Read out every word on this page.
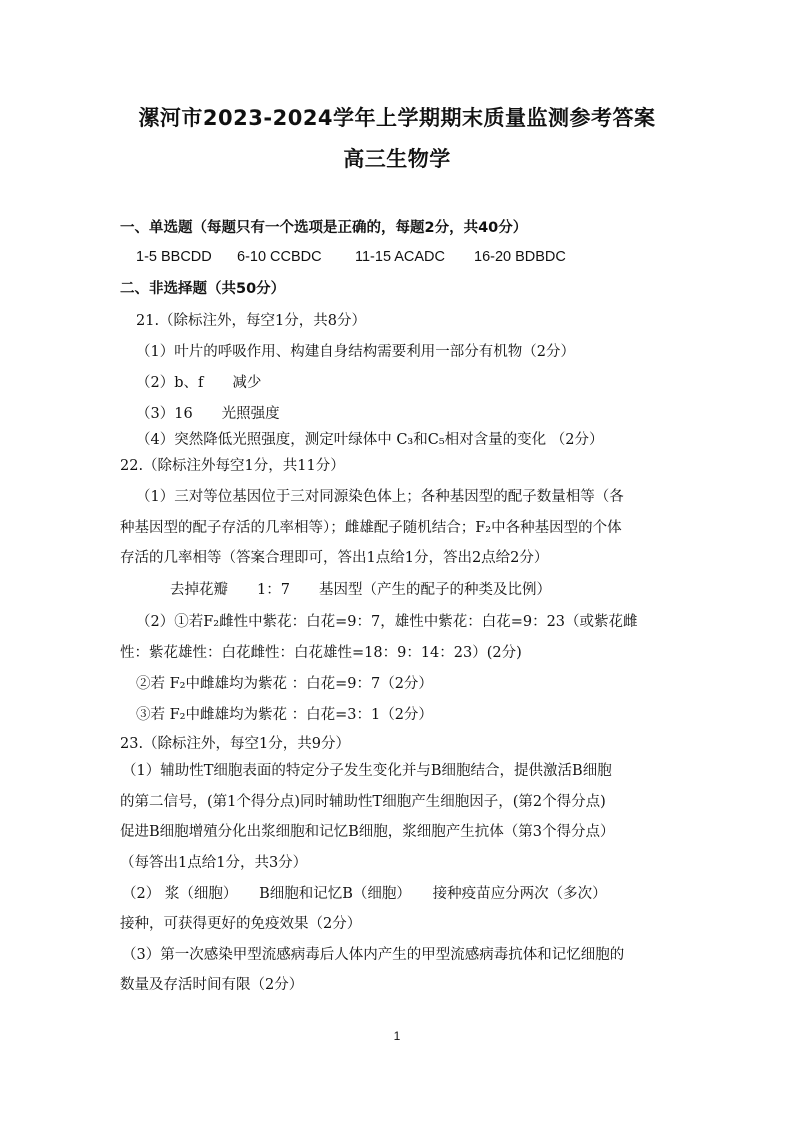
漯河市2023-2024学年上学期期末质量监测参考答案
高三生物学
一、单选题（每题只有一个选项是正确的，每题2分，共40分）
1-5 BBCDD 6-10 CCBDC 11-15 ACADC 16-20 BDBDC
二、非选择题（共50分）
21.（除标注外，每空1分，共8分）
（1）叶片的呼吸作用、构建自身结构需要利用一部分有机物（2分）
（2）b、f　　减少
（3）16　　光照强度
（4）突然降低光照强度，测定叶绿体中 C₃和C₅相对含量的变化 （2分）
22.（除标注外每空1分，共11分）
（1）三对等位基因位于三对同源染色体上；各种基因型的配子数量相等（各
种基因型的配子存活的几率相等）；雌雄配子随机结合；F₂中各种基因型的个体
存活的几率相等（答案合理即可，答出1点给1分，答出2点给2分）
去掉花瓣　　1：7　　基因型（产生的配子的种类及比例）
（2）①若F₂雌性中紫花：白花=9：7，雄性中紫花：白花=9：23（或紫花雌
性：紫花雄性：白花雌性：白花雄性=18：9：14：23）(2分)
②若 F₂中雌雄均为紫花 ：白花=9：7（2分）
③若 F₂中雌雄均为紫花 ：白花=3：1（2分）
23.（除标注外，每空1分，共9分）
（1）辅助性T细胞表面的特定分子发生变化并与B细胞结合，提供激活B细胞
的第二信号，(第1个得分点)同时辅助性T细胞产生细胞因子，(第2个得分点)
促进B细胞增殖分化出浆细胞和记忆B细胞，浆细胞产生抗体（第3个得分点）
（每答出1点给1分，共3分）
（2） 浆（细胞）　　B细胞和记忆B（细胞）　　接种疫苗应分两次（多次）
接种，可获得更好的免疫效果（2分）
（3）第一次感染甲型流感病毒后人体内产生的甲型流感病毒抗体和记忆细胞的
数量及存活时间有限（2分）
1
